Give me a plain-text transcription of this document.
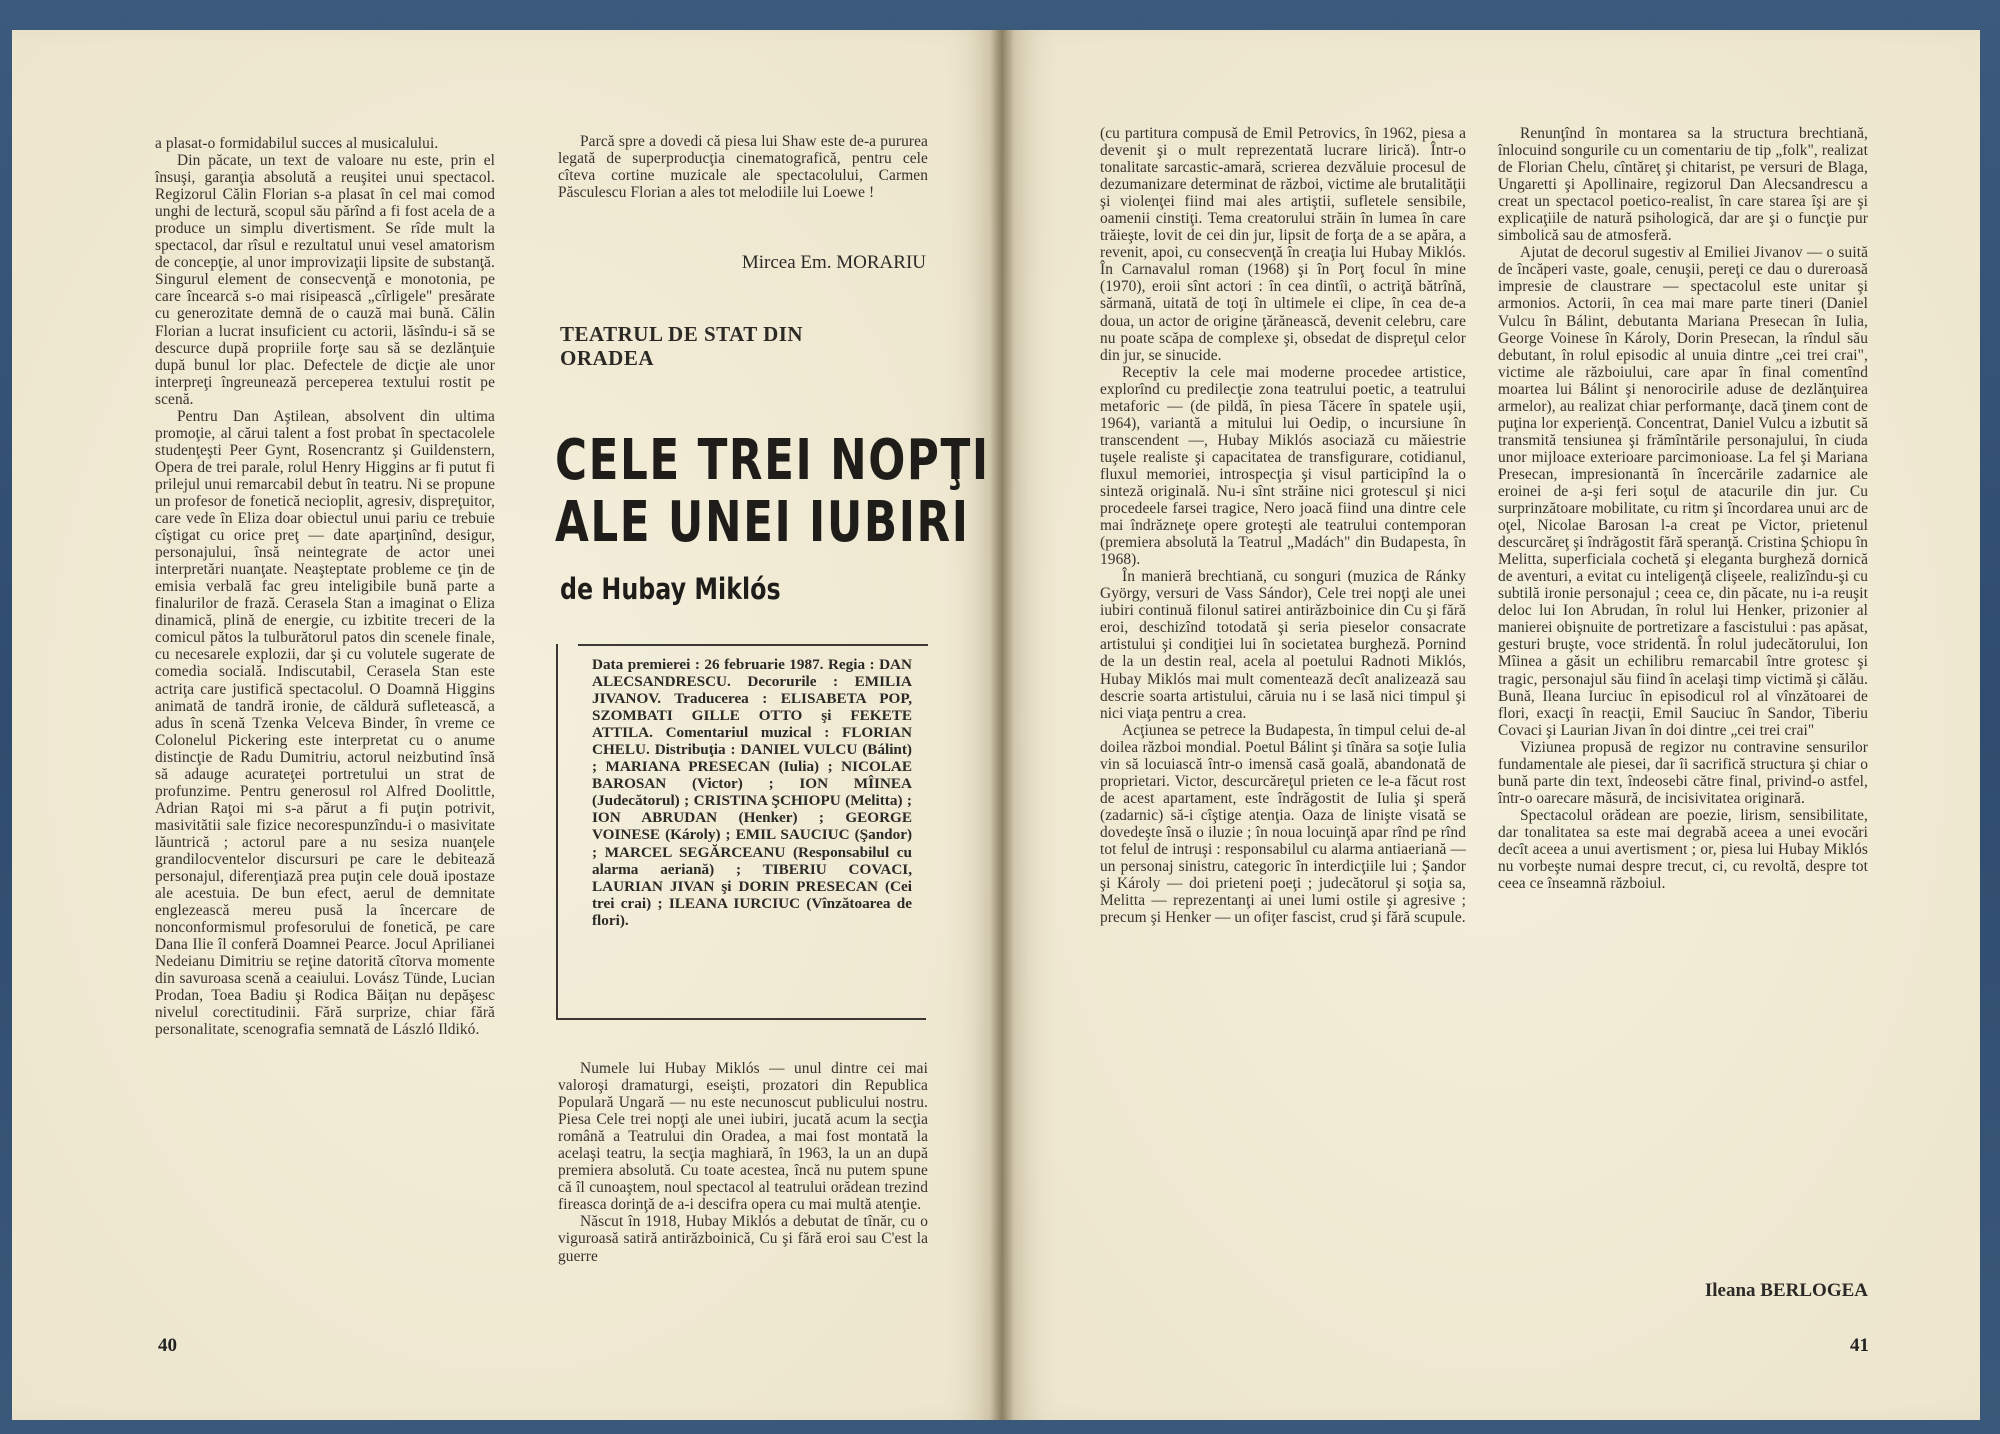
a plasat-o formidabilul succes al musicalului.

Din păcate, un text de valoare nu este, prin el însuşi, garanţia absolută a reuşitei unui spectacol. Regizorul Călin Florian s-a plasat în cel mai comod unghi de lectură, scopul său părînd a fi fost acela de a produce un simplu divertisment. Se rîde mult la spectacol, dar rîsul e rezultatul unui vesel amatorism de concepţie, al unor improvizaţii lipsite de substanţă. Singurul element de consecvenţă e monotonia, pe care încearcă s-o mai risipească „cîrligele" presărate cu generozitate demnă de o cauză mai bună. Călin Florian a lucrat insuficient cu actorii, lăsîndu-i să se descurce după propriile forţe sau să se dezlănţuie după bunul lor plac. Defectele de dicţie ale unor interpreţi îngreunează perceperea textului rostit pe scenă.

Pentru Dan Aştilean, absolvent din ultima promoţie, al cărui talent a fost probat în spectacolele studenţeşti Peer Gynt, Rosencrantz şi Guildenstern, Opera de trei parale, rolul Henry Higgins ar fi putut fi prilejul unui remarcabil debut în teatru. Ni se propune un profesor de fonetică necioplit, agresiv, dispreţuitor, care vede în Eliza doar obiectul unui pariu ce trebuie cîştigat cu orice preţ — date aparţinînd, desigur, personajului, însă neintegrate de actor unei interpretări nuanţate. Neaşteptate probleme ce ţin de emisia verbală fac greu inteligibile bună parte a finalurilor de frază. Cerasela Stan a imaginat o Eliza dinamică, plină de energie, cu izbitite treceri de la comicul pătos la tulburătorul patos din scenele finale, cu necesarele explozii, dar şi cu volutele sugerate de comedia socială. Indiscutabil, Cerasela Stan este actriţa care justifică spectacolul. O Doamnă Higgins animată de tandră ironie, de căldură sufletească, a adus în scenă Tzenka Velceva Binder, în vreme ce Colonelul Pickering este interpretat cu o anume distincţie de Radu Dumitriu, actorul neizbutind însă să adauge acurateţei portretului un strat de profunzime. Pentru generosul rol Alfred Doolittle, Adrian Raţoi mi s-a părut a fi puţin potrivit, masivitătii sale fizice necorespunzîndu-i o masivitate lăuntrică ; actorul pare a nu sesiza nuanţele grandilocventelor discursuri pe care le debitează personajul, diferenţiază prea puţin cele două ipostaze ale acestuia. De bun efect, aerul de demnitate englezească mereu pusă la încercare de nonconformismul profesorului de fonetică, pe care Dana Ilie îl conferă Doamnei Pearce. Jocul Aprilianei Nedeianu Dimitriu se reţine datorită cîtorva momente din savuroasa scenă a ceaiului. Lovász Tünde, Lucian Prodan, Toea Badiu şi Rodica Băiţan nu depăşesc nivelul corectitudinii. Fără surprize, chiar fără personalitate, scenografia semnată de László Ildikó.

Parcă spre a dovedi că piesa lui Shaw este de-a pururea legată de superproducţia cinematografică, pentru cele cîteva cortine muzicale ale spectacolului, Carmen Păsculescu Florian a ales tot melodiile lui Loewe !

Mircea Em. MORARIU
TEATRUL DE STAT DIN ORADEA
CELE TREI NOPŢI
ALE UNEI IUBIRI
de Hubay Miklós

Data premierei : 26 februarie 1987. Regia : DAN ALECSANDRESCU. Decorurile : EMILIA JIVANOV. Traducerea : ELISABETA POP, SZOMBATI GILLE OTTO şi FEKETE ATTILA. Comentariul muzical : FLORIAN CHELU. Distribuţia : DANIEL VULCU (Bálint) ; MARIANA PRESECAN (Iulia) ; NICOLAE BAROSAN (Victor) ; ION MÎINEA (Judecătorul) ; CRISTINA ŞCHIOPU (Melitta) ; ION ABRUDAN (Henker) ; GEORGE VOINESE (Károly) ; EMIL SAUCIUC (Şandor) ; MARCEL SEGĂRCEANU (Responsabilul cu alarma aeriană) ; TIBERIU COVACI, LAURIAN JIVAN şi DORIN PRESECAN (Cei trei crai) ; ILEANA IURCIUC (Vînzătoarea de flori).

Numele lui Hubay Miklós — unul dintre cei mai valoroşi dramaturgi, eseişti, prozatori din Republica Populară Ungară — nu este necunoscut publicului nostru. Piesa Cele trei nopţi ale unei iubiri, jucată acum la secţia română a Teatrului din Oradea, a mai fost montată la acelaşi teatru, la secţia maghiară, în 1963, la un an după premiera absolută. Cu toate acestea, încă nu putem spune că îl cunoaştem, noul spectacol al teatrului orădean trezind fireasca dorinţă de a-i descifra opera cu mai multă atenţie.

Născut în 1918, Hubay Miklós a debutat de tînăr, cu o viguroasă satiră antirăzboinică, Cu şi fără eroi sau C'est la guerre

40

(cu partitura compusă de Emil Petrovics, în 1962, piesa a devenit şi o mult reprezentată lucrare lirică). Într-o tonalitate sarcastic-amară, scrierea dezvăluie procesul de dezumanizare determinat de război, victime ale brutalităţii şi violenţei fiind mai ales artiştii, sufletele sensibile, oamenii cinstiţi. Tema creatorului străin în lumea în care trăieşte, lovit de cei din jur, lipsit de forţa de a se apăra, a revenit, apoi, cu consecvenţă în creaţia lui Hubay Miklós. În Carnavalul roman (1968) şi în Porţ focul în mine (1970), eroii sînt actori : în cea dintîi, o actriţă bătrînă, sărmană, uitată de toţi în ultimele ei clipe, în cea de-a doua, un actor de origine ţărănească, devenit celebru, care nu poate scăpa de complexe şi, obsedat de dispreţul celor din jur, se sinucide.

Receptiv la cele mai moderne procedee artistice, explorînd cu predilecţie zona teatrului poetic, a teatrului metaforic — (de pildă, în piesa Tăcere în spatele uşii, 1964), variantă a mitului lui Oedip, o incursiune în transcendent —, Hubay Miklós asociază cu măiestrie tuşele realiste şi capacitatea de transfigurare, cotidianul, fluxul memoriei, introspecţia şi visul participînd la o sinteză originală. Nu-i sînt străine nici grotescul şi nici procedeele farsei tragice, Nero joacă fiind una dintre cele mai îndrăzneţe opere groteşti ale teatrului contemporan (premiera absolută la Teatrul „Madách" din Budapesta, în 1968).

În manieră brechtiană, cu songuri (muzica de Ránky György, versuri de Vass Sándor), Cele trei nopţi ale unei iubiri continuă filonul satirei antirăzboinice din Cu şi fără eroi, deschizînd totodată şi seria pieselor consacrate artistului şi condiţiei lui în societatea burgheză. Pornind de la un destin real, acela al poetului Radnoti Miklós, Hubay Miklós mai mult comentează decît analizează sau descrie soarta artistului, căruia nu i se lasă nici timpul şi nici viaţa pentru a crea.

Acţiunea se petrece la Budapesta, în timpul celui de-al doilea război mondial. Poetul Bálint şi tînăra sa soţie Iulia vin să locuiască într-o imensă casă goală, abandonată de proprietari. Victor, descurcăreţul prieten ce le-a făcut rost de acest apartament, este îndrăgostit de Iulia şi speră (zadarnic) să-i cîştige atenţia. Oaza de linişte visată se dovedeşte însă o iluzie ; în noua locuinţă apar rînd pe rînd tot felul de intruşi : responsabilul cu alarma antiaeriană — un personaj sinistru, categoric în interdicţiile lui ; Şandor şi Károly — doi prieteni poeţi ; judecătorul şi soţia sa, Melitta — reprezentanţi ai unei lumi ostile şi agresive ; precum şi Henker — un ofiţer fascist, crud şi fără scupule.

Renunţînd în montarea sa la structura brechtiană, înlocuind songurile cu un comentariu de tip „folk", realizat de Florian Chelu, cîntăreţ şi chitarist, pe versuri de Blaga, Ungaretti şi Apollinaire, regizorul Dan Alecsandrescu a creat un spectacol poetico-realist, în care starea îşi are şi explicaţiile de natură psihologică, dar are şi o funcţie pur simbolică sau de atmosferă.

Ajutat de decorul sugestiv al Emiliei Jivanov — o suită de încăperi vaste, goale, cenuşii, pereţi ce dau o dureroasă impresie de claustrare — spectacolul este unitar şi armonios. Actorii, în cea mai mare parte tineri (Daniel Vulcu în Bálint, debutanta Mariana Presecan în Iulia, George Voinese în Károly, Dorin Presecan, la rîndul său debutant, în rolul episodic al unuia dintre „cei trei crai", victime ale războiului, care apar în final comentînd moartea lui Bálint şi nenorocirile aduse de dezlănţuirea armelor), au realizat chiar performanţe, dacă ţinem cont de puţina lor experienţă. Concentrat, Daniel Vulcu a izbutit să transmită tensiunea şi frămîntările personajului, în ciuda unor mijloace exterioare parcimonioase. La fel şi Mariana Presecan, impresionantă în încercările zadarnice ale eroinei de a-şi feri soţul de atacurile din jur. Cu surprinzătoare mobilitate, cu ritm şi încordarea unui arc de oţel, Nicolae Barosan l-a creat pe Victor, prietenul descurcăreţ şi îndrăgostit fără speranţă. Cristina Şchiopu în Melitta, superficiala cochetă şi eleganta burgheză dornică de aventuri, a evitat cu inteligenţă clişeele, realizîndu-şi cu subtilă ironie personajul ; ceea ce, din păcate, nu i-a reuşit deloc lui Ion Abrudan, în rolul lui Henker, prizonier al manierei obişnuite de portretizare a fascistului : pas apăsat, gesturi bruşte, voce stridentă. În rolul judecătorului, Ion Mîinea a găsit un echilibru remarcabil între grotesc şi tragic, personajul său fiind în acelaşi timp victimă şi călău. Bună, Ileana Iurciuc în episodicul rol al vînzătoarei de flori, exacţi în reacţii, Emil Sauciuc în Sandor, Tiberiu Covaci şi Laurian Jivan în doi dintre „cei trei crai"

Viziunea propusă de regizor nu contravine sensurilor fundamentale ale piesei, dar îi sacrifică structura şi chiar o bună parte din text, îndeosebi către final, privind-o astfel, într-o oarecare măsură, de incisivitatea originară.

Spectacolul orădean are poezie, lirism, sensibilitate, dar tonalitatea sa este mai degrabă aceea a unei evocări decît aceea a unui avertisment ; or, piesa lui Hubay Miklós nu vorbeşte numai despre trecut, ci, cu revoltă, despre tot ceea ce înseamnă războiul.

Ileana BERLOGEA
41
